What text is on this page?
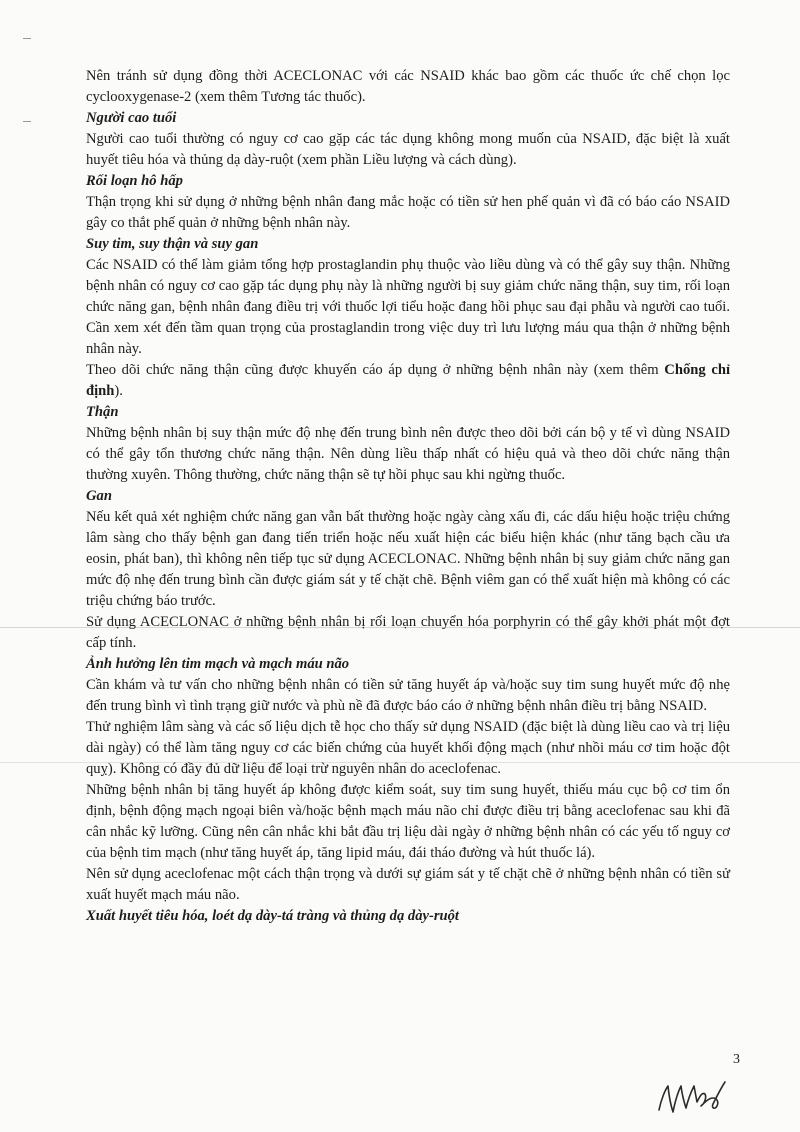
Nên tránh sử dụng đồng thời ACECLONAC với các NSAID khác bao gồm các thuốc ức chế chọn lọc cyclooxygenase-2 (xem thêm Tương tác thuốc).

Người cao tuổi

Người cao tuổi thường có nguy cơ cao gặp các tác dụng không mong muốn của NSAID, đặc biệt là xuất huyết tiêu hóa và thủng dạ dày-ruột (xem phần Liều lượng và cách dùng).

Rối loạn hô hấp

Thận trọng khi sử dụng ở những bệnh nhân đang mắc hoặc có tiền sử hen phế quản vì đã có báo cáo NSAID gây co thắt phế quản ở những bệnh nhân này.

Suy tim, suy thận và suy gan

Các NSAID có thể làm giảm tổng hợp prostaglandin phụ thuộc vào liều dùng và có thể gây suy thận. Những bệnh nhân có nguy cơ cao gặp tác dụng phụ này là những người bị suy giảm chức năng thận, suy tim, rối loạn chức năng gan, bệnh nhân đang điều trị với thuốc lợi tiểu hoặc đang hồi phục sau đại phẫu và người cao tuổi. Cần xem xét đến tầm quan trọng của prostaglandin trong việc duy trì lưu lượng máu qua thận ở những bệnh nhân này.

Theo dõi chức năng thận cũng được khuyến cáo áp dụng ở những bệnh nhân này (xem thêm Chống chỉ định).

Thận

Những bệnh nhân bị suy thận mức độ nhẹ đến trung bình nên được theo dõi bởi cán bộ y tế vì dùng NSAID có thể gây tổn thương chức năng thận. Nên dùng liều thấp nhất có hiệu quả và theo dõi chức năng thận thường xuyên. Thông thường, chức năng thận sẽ tự hồi phục sau khi ngừng thuốc.

Gan

Nếu kết quả xét nghiệm chức năng gan vẫn bất thường hoặc ngày càng xấu đi, các dấu hiệu hoặc triệu chứng lâm sàng cho thấy bệnh gan đang tiến triển hoặc nếu xuất hiện các biểu hiện khác (như tăng bạch cầu ưa eosin, phát ban), thì không nên tiếp tục sử dụng ACECLONAC. Những bệnh nhân bị suy giảm chức năng gan mức độ nhẹ đến trung bình cần được giám sát y tế chặt chẽ. Bệnh viêm gan có thể xuất hiện mà không có các triệu chứng báo trước.

Sử dụng ACECLONAC ở những bệnh nhân bị rối loạn chuyển hóa porphyrin có thể gây khởi phát một đợt cấp tính.

Ảnh hưởng lên tim mạch và mạch máu não

Cần khám và tư vấn cho những bệnh nhân có tiền sử tăng huyết áp và/hoặc suy tim sung huyết mức độ nhẹ đến trung bình vì tình trạng giữ nước và phù nề đã được báo cáo ở những bệnh nhân điều trị bằng NSAID.

Thử nghiệm lâm sàng và các số liệu dịch tễ học cho thấy sử dụng NSAID (đặc biệt là dùng liều cao và trị liệu dài ngày) có thể làm tăng nguy cơ các biến chứng của huyết khối động mạch (như nhồi máu cơ tim hoặc đột quỵ). Không có đầy đủ dữ liệu để loại trừ nguyên nhân do aceclofenac.

Những bệnh nhân bị tăng huyết áp không được kiểm soát, suy tim sung huyết, thiếu máu cục bộ cơ tim ổn định, bệnh động mạch ngoại biên và/hoặc bệnh mạch máu não chỉ được điều trị bằng aceclofenac sau khi đã cân nhắc kỹ lưỡng. Cũng nên cân nhắc khi bắt đầu trị liệu dài ngày ở những bệnh nhân có các yếu tố nguy cơ của bệnh tim mạch (như tăng huyết áp, tăng lipid máu, đái tháo đường và hút thuốc lá).

Nên sử dụng aceclofenac một cách thận trọng và dưới sự giám sát y tế chặt chẽ ở những bệnh nhân có tiền sử xuất huyết mạch máu não.

Xuất huyết tiêu hóa, loét dạ dày-tá tràng và thủng dạ dày-ruột
3
